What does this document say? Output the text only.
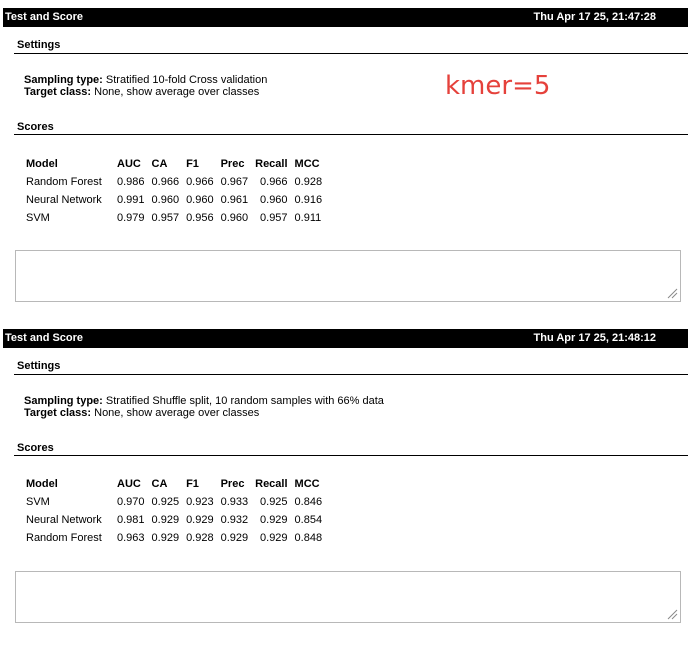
Test and Score	Thu Apr 17 25, 21:47:28
Settings
Sampling type: Stratified 10-fold Cross validation
Target class: None, show average over classes
Scores
Model	AUC	CA	F1	Prec	Recall	MCC
Random Forest	0.986	0.966	0.966	0.967	0.966	0.928
Neural Network	0.991	0.960	0.960	0.961	0.960	0.916
SVM	0.979	0.957	0.956	0.960	0.957	0.911
kmer=5
Test and Score	Thu Apr 17 25, 21:48:12
Settings
Sampling type: Stratified Shuffle split, 10 random samples with 66% data
Target class: None, show average over classes
Scores
Model	AUC	CA	F1	Prec	Recall	MCC
SVM	0.970	0.925	0.923	0.933	0.925	0.846
Neural Network	0.981	0.929	0.929	0.932	0.929	0.854
Random Forest	0.963	0.929	0.928	0.929	0.929	0.848
